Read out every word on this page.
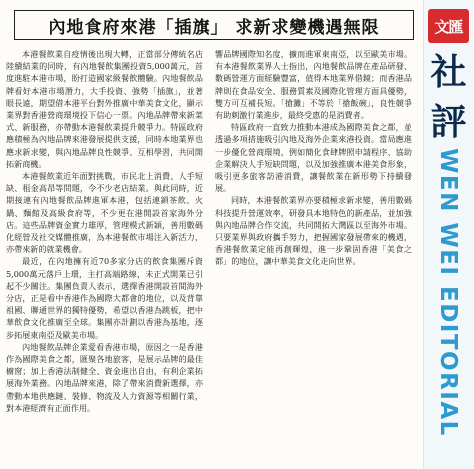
內地食府來港「插旗」 求新求變機遇無限

本港餐飲業自疫情後出現大轉，正當部分傳統名店陸續結業的同時，有內地餐飲集團投資5,000萬元，首度進駐本港市場，盼打造國家級餐飲體驗。內地餐飲品牌看好本港市場潛力，大手投資、強勢「插旗」，並著眼長遠，期望借本港平台對外推廣中華美食文化，顯示業界對香港營商環境投下信心一票。內地品牌帶來新菜式、新服務，亦帶動本港餐飲業提升競爭力。特區政府應積極為內地品牌來港發展提供支援，同時本地業界也應求新求變，與內地品牌良性競爭、互相學習，共同開拓新商機。

本港餐飲業近年面對挑戰，市民北上消費、人手短缺、租金高昂等問題，令不少老店結業。與此同時，近期接連有內地餐飲品牌進軍本港，包括連鎖茶飲、火鍋、麵館及高級食府等，不少更在港開設首家海外分店。這些品牌資金實力雄厚，管理模式新穎，善用數碼化經營及社交媒體推廣，為本港餐飲市場注入新活力，亦帶來新的就業機會。

最近，在內地擁有近70多家分店的飲食集團斥資5,000萬元落戶上環，主打高端路線，未正式開業已引起不少關注。集團負責人表示，選擇香港開設首間海外分店，正是看中香港作為國際大都會的地位，以及背靠祖國、聯通世界的獨特優勢，希望以香港為跳板，把中華飲食文化推廣至全球。集團亦計劃以香港為基地，逐步拓展東南亞及歐美市場。

內地餐飲品牌企業愛看香港市場，原因之一是香港作為國際美食之都，匯聚各地旅客，是展示品牌的最佳櫥窗；加上香港法制健全、資金進出自由，有利企業拓展海外業務。內地品牌來港，除了帶來消費新選擇，亦帶動本地供應鏈、裝修、物流及人力資源等相關行業，對本港經濟有正面作用。

響品牌國際知名度，擴而進軍東南亞，以至歐美市場。有本港餐飲業界人士指出，內地餐飲品牌在產品研發、數碼營運方面經驗豐富，值得本地業界借鏡；而香港品牌則在食品安全、服務質素及國際化管理方面具優勢，雙方可互補長短。「搶灘」不等於「搶飯碗」，良性競爭有助刺激行業進步，最終受惠的是消費者。

特區政府一直致力推動本港成為國際美食之都，並透過多項措施吸引內地及海外企業來港投資。當局應進一步優化營商環境，例如簡化食肆牌照申請程序、協助企業解決人手短缺問題，以及加強推廣本港美食形象，吸引更多旅客訪港消費，讓餐飲業在新形勢下持續發展。

同時，本港餐飲業界亦要積極求新求變，善用數碼科技提升營運效率，研發具本地特色的新產品，並加強與內地品牌合作交流，共同開拓大灣區以至海外市場。只要業界與政府攜手努力，把握國家發展帶來的機遇，香港餐飲業定能再創輝煌，進一步鞏固香港「美食之都」的地位，讓中華美食文化走向世界。

文匯
社
評
WEN WEI EDITORIAL
